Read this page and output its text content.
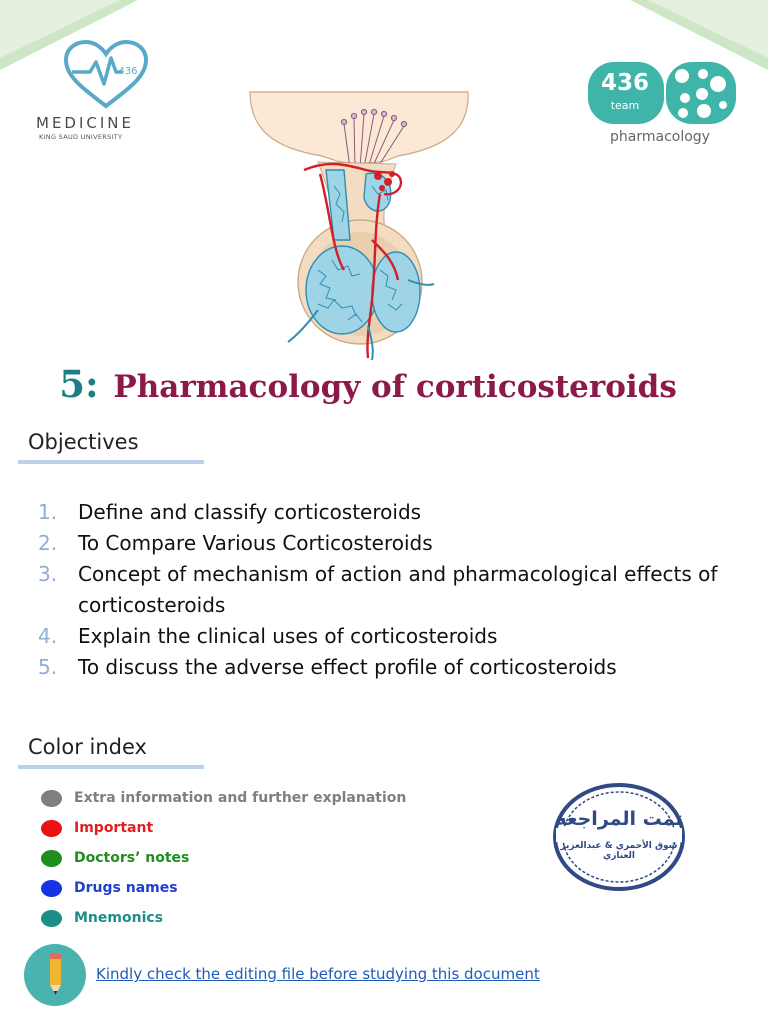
436
MEDICINE
KING SAUD UNIVERSITY
436
team
pharmacology
5: Pharmacology of corticosteroids
Objectives
1. Define and classify corticosteroids
2. To Compare Various Corticosteroids
3. Concept of mechanism of action and pharmacological effects of corticosteroids
4. Explain the clinical uses of corticosteroids
5. To discuss the adverse effect profile of corticosteroids
Color index
Extra information and further explanation
Important
Doctors’ notes
Drugs names
Mnemonics
تمت المراجعة
شوق الأحمري & عبدالعزيز العنازي
Kindly check the editing file before studying this document
